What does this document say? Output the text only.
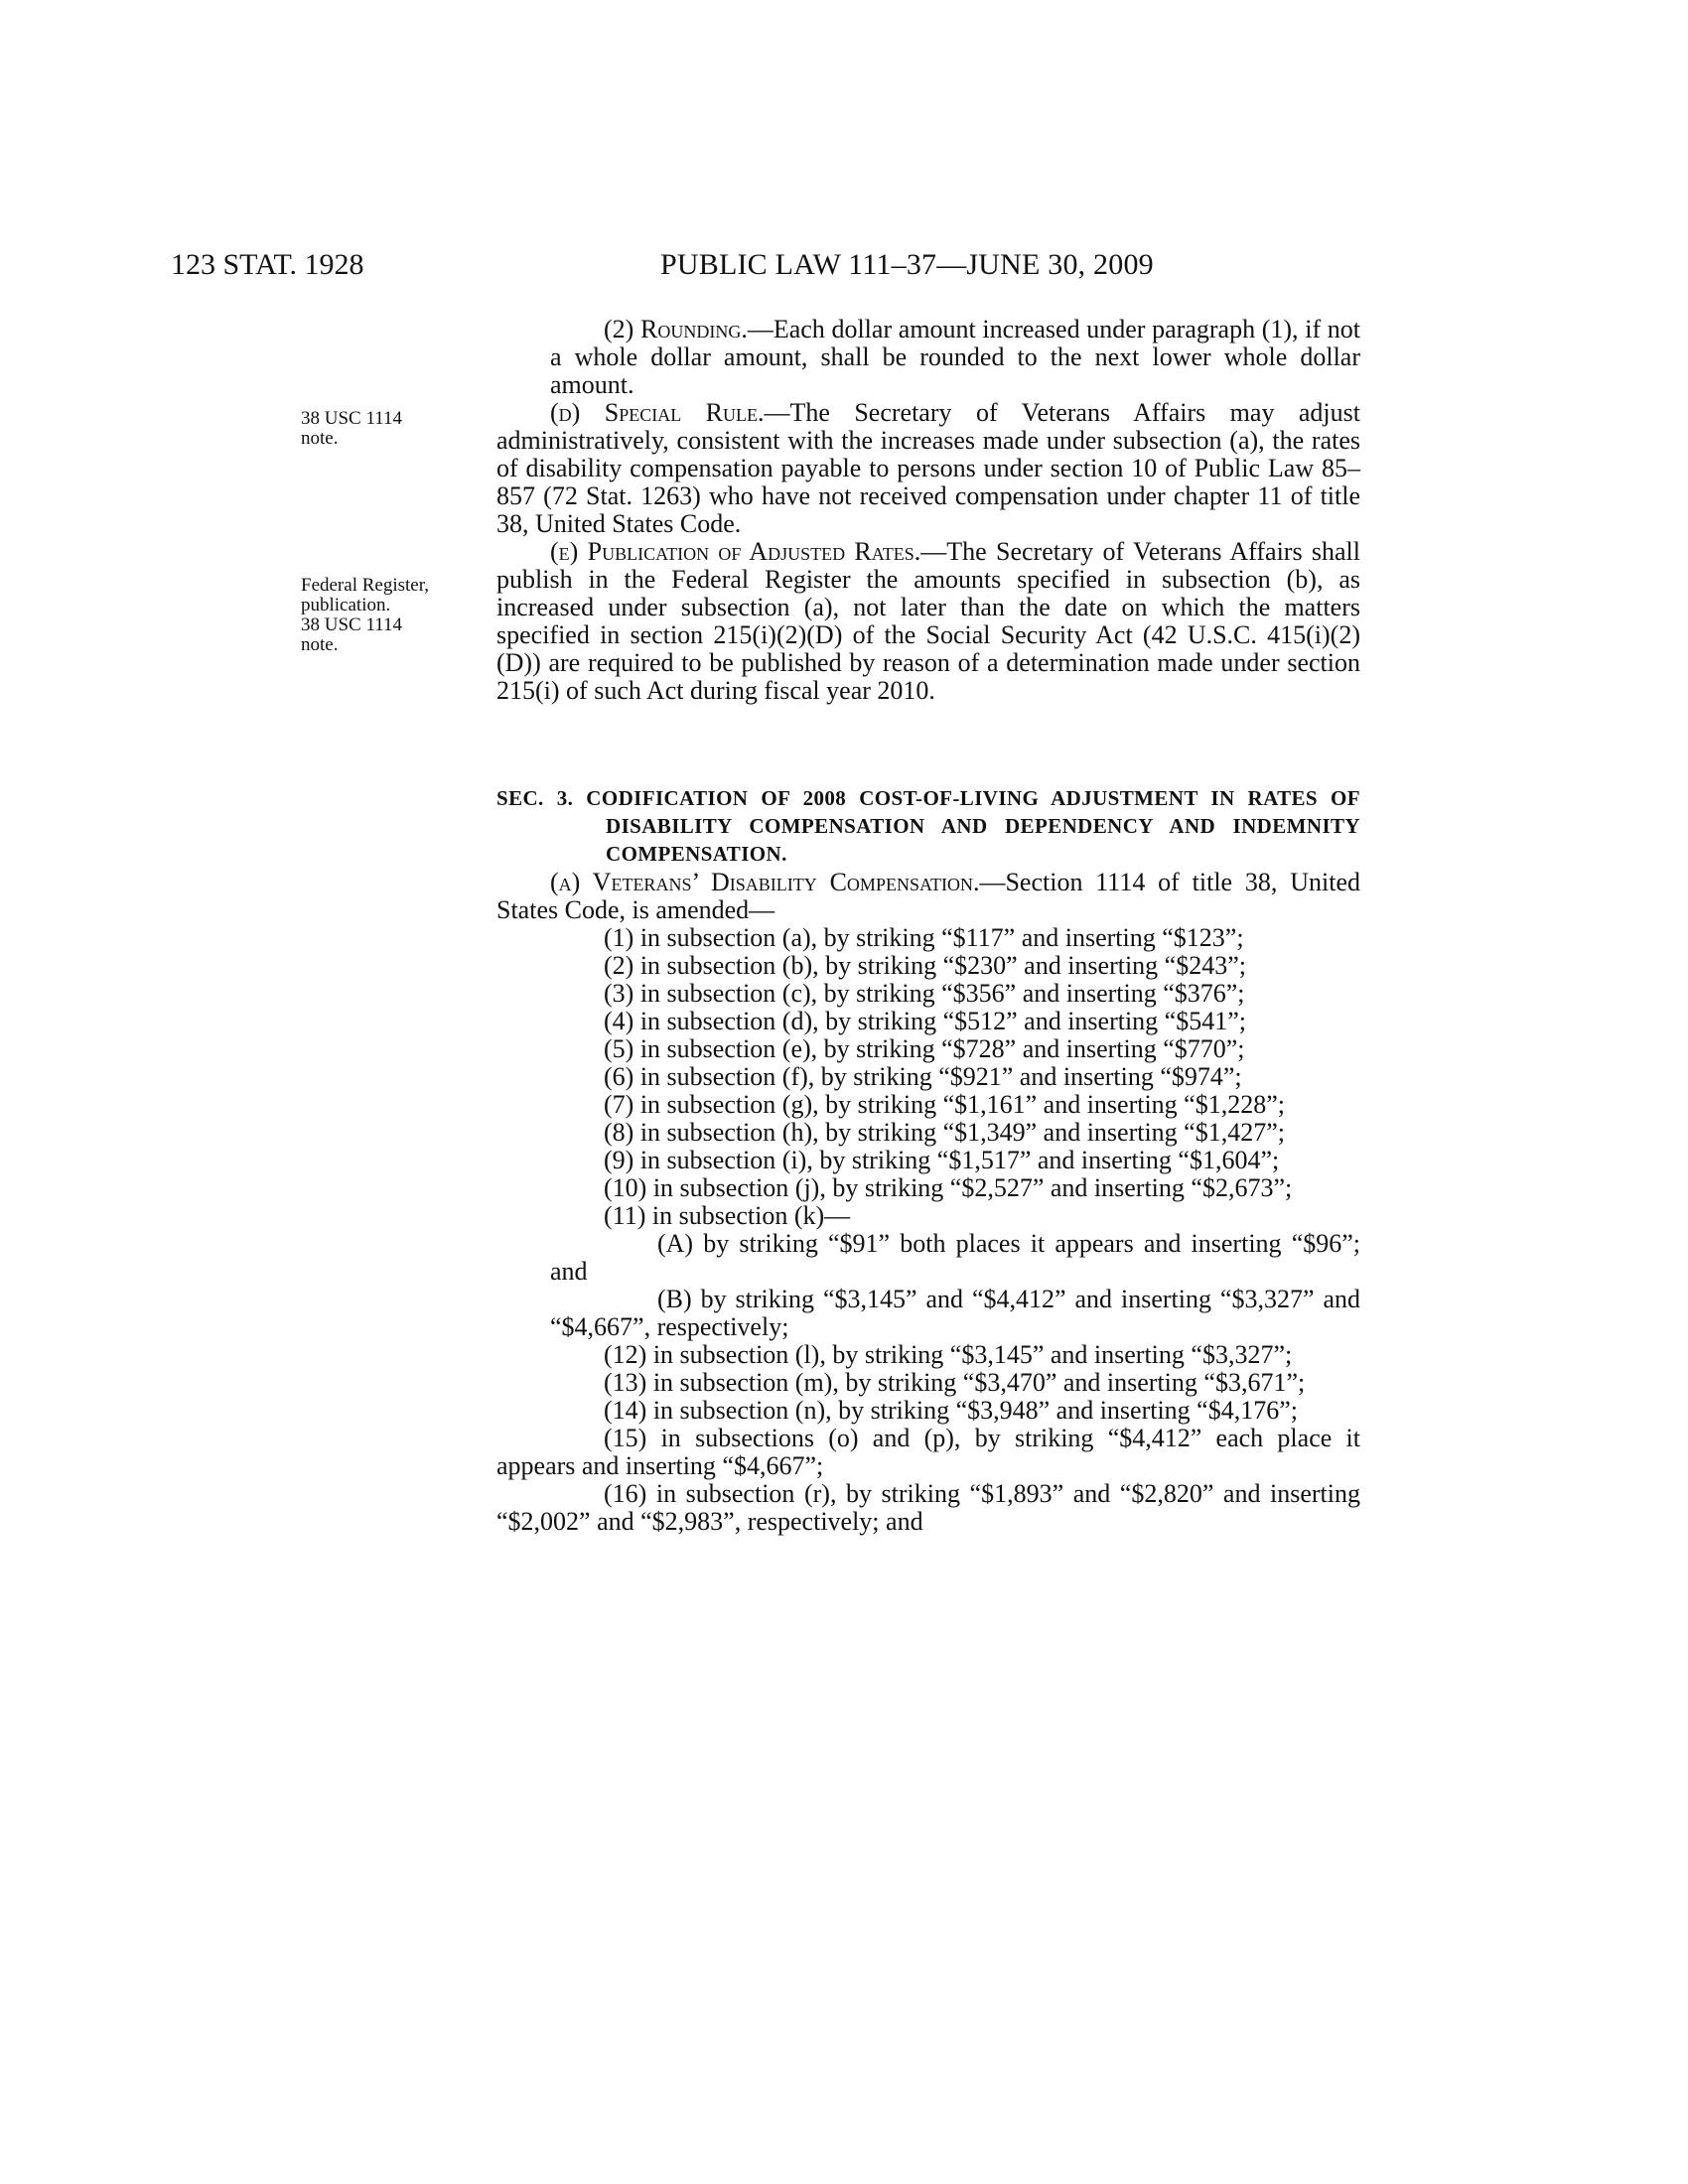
123 STAT. 1928	PUBLIC LAW 111–37—JUNE 30, 2009
38 USC 1114
note.
Federal Register,
publication.
38 USC 1114
note.

(2) Rounding.—Each dollar amount increased under paragraph (1), if not a whole dollar amount, shall be rounded to the next lower whole dollar amount.

(d) Special Rule.—The Secretary of Veterans Affairs may adjust administratively, consistent with the increases made under subsection (a), the rates of disability compensation payable to persons under section 10 of Public Law 85–857 (72 Stat. 1263) who have not received compensation under chapter 11 of title 38, United States Code.

(e) Publication of Adjusted Rates.—The Secretary of Veterans Affairs shall publish in the Federal Register the amounts specified in subsection (b), as increased under subsection (a), not later than the date on which the matters specified in section 215(i)(2)(D) of the Social Security Act (42 U.S.C. 415(i)(2)(D)) are required to be published by reason of a determination made under section 215(i) of such Act during fiscal year 2010.

SEC. 3. CODIFICATION OF 2008 COST-OF-LIVING ADJUSTMENT IN RATES OF DISABILITY COMPENSATION AND DEPENDENCY AND INDEMNITY COMPENSATION.

(a) Veterans’ Disability Compensation.—Section 1114 of title 38, United States Code, is amended—

(1) in subsection (a), by striking “$117” and inserting “$123”;

(2) in subsection (b), by striking “$230” and inserting “$243”;

(3) in subsection (c), by striking “$356” and inserting “$376”;

(4) in subsection (d), by striking “$512” and inserting “$541”;

(5) in subsection (e), by striking “$728” and inserting “$770”;

(6) in subsection (f), by striking “$921” and inserting “$974”;

(7) in subsection (g), by striking “$1,161” and inserting “$1,228”;

(8) in subsection (h), by striking “$1,349” and inserting “$1,427”;

(9) in subsection (i), by striking “$1,517” and inserting “$1,604”;

(10) in subsection (j), by striking “$2,527” and inserting “$2,673”;

(11) in subsection (k)—

(A) by striking “$91” both places it appears and inserting “$96”; and

(B) by striking “$3,145” and “$4,412” and inserting “$3,327” and “$4,667”, respectively;

(12) in subsection (l), by striking “$3,145” and inserting “$3,327”;

(13) in subsection (m), by striking “$3,470” and inserting “$3,671”;

(14) in subsection (n), by striking “$3,948” and inserting “$4,176”;

(15) in subsections (o) and (p), by striking “$4,412” each place it appears and inserting “$4,667”;

(16) in subsection (r), by striking “$1,893” and “$2,820” and inserting “$2,002” and “$2,983”, respectively; and
